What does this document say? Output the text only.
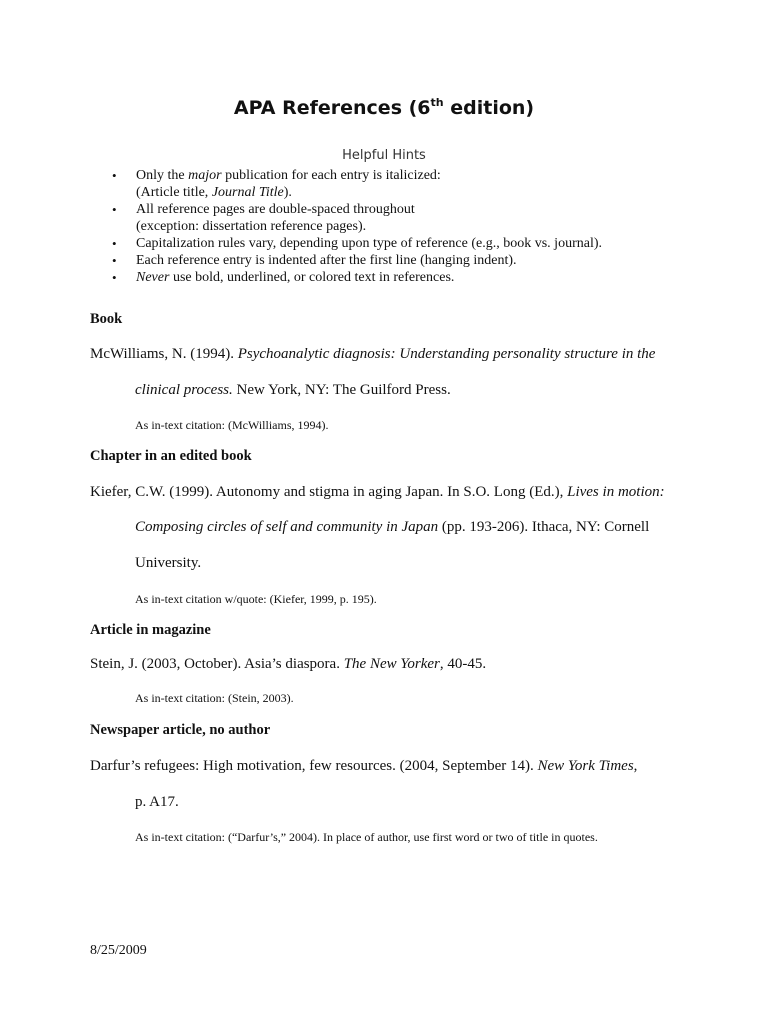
APA References (6th edition)
Helpful Hints
• Only the major publication for each entry is italicized:
(Article title, Journal Title).
• All reference pages are double-spaced throughout
(exception: dissertation reference pages).
• Capitalization rules vary, depending upon type of reference (e.g., book vs. journal).
• Each reference entry is indented after the first line (hanging indent).
• Never use bold, underlined, or colored text in references.
Book
McWilliams, N. (1994). Psychoanalytic diagnosis: Understanding personality structure in the
clinical process. New York, NY: The Guilford Press.
As in-text citation: (McWilliams, 1994).
Chapter in an edited book
Kiefer, C.W. (1999). Autonomy and stigma in aging Japan. In S.O. Long (Ed.), Lives in motion:
Composing circles of self and community in Japan (pp. 193-206). Ithaca, NY: Cornell
University.
As in-text citation w/quote: (Kiefer, 1999, p. 195).
Article in magazine
Stein, J. (2003, October). Asia’s diaspora. The New Yorker, 40-45.
As in-text citation: (Stein, 2003).
Newspaper article, no author
Darfur’s refugees: High motivation, few resources. (2004, September 14). New York Times,
p. A17.
As in-text citation: (“Darfur’s,” 2004). In place of author, use first word or two of title in quotes.
8/25/2009
